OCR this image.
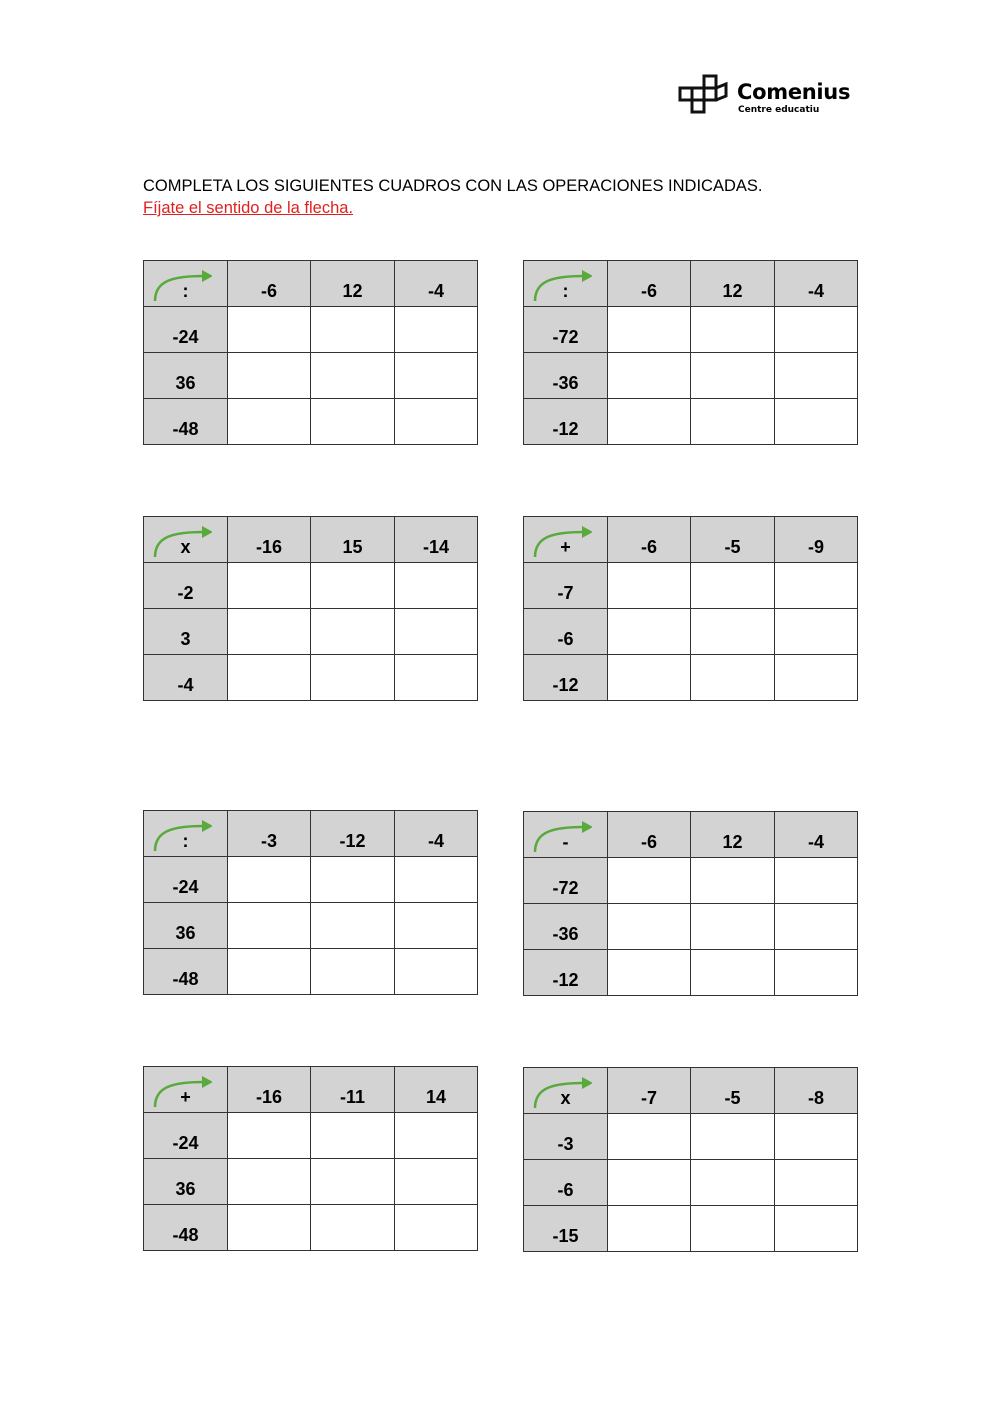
Comenius
Centre educatiu
COMPLETA LOS SIGUIENTES CUADROS CON LAS OPERACIONES INDICADAS.
Fíjate el sentido de la flecha.
:	-6	12	-4
-24			
36			
-48			
:	-6	12	-4
-72			
-36			
-12			
x	-16	15	-14
-2			
3			
-4			
+	-6	-5	-9
-7			
-6			
-12			
:	-3	-12	-4
-24			
36			
-48			
-	-6	12	-4
-72			
-36			
-12			
+	-16	-11	14
-24			
36			
-48			
x	-7	-5	-8
-3			
-6			
-15			
